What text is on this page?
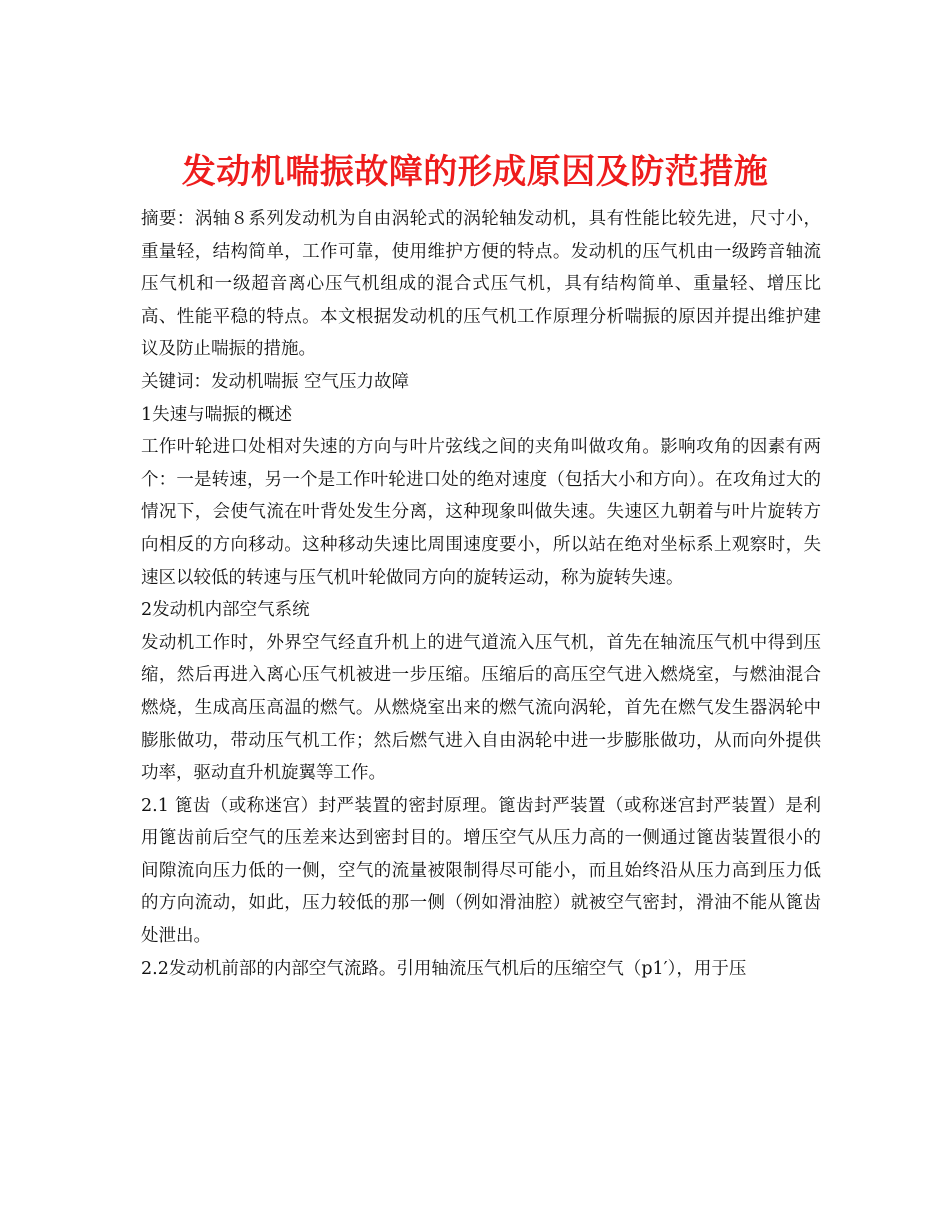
发动机喘振故障的形成原因及防范措施

摘要：涡轴８系列发动机为自由涡轮式的涡轮轴发动机，具有性能比较先进，尺寸小，重量轻，结构简单，工作可靠，使用维护方便的特点。发动机的压气机由一级跨音轴流压气机和一级超音离心压气机组成的混合式压气机，具有结构简单、重量轻、增压比高、性能平稳的特点。本文根据发动机的压气机工作原理分析喘振的原因并提出维护建议及防止喘振的措施。

关键词：发动机喘振 空气压力故障

1失速与喘振的概述

工作叶轮进口处相对失速的方向与叶片弦线之间的夹角叫做攻角。影响攻角的因素有两个：一是转速，另一个是工作叶轮进口处的绝对速度（包括大小和方向）。在攻角过大的情况下，会使气流在叶背处发生分离，这种现象叫做失速。失速区九朝着与叶片旋转方向相反的方向移动。这种移动失速比周围速度要小，所以站在绝对坐标系上观察时，失速区以较低的转速与压气机叶轮做同方向的旋转运动，称为旋转失速。

2发动机内部空气系统

发动机工作时，外界空气经直升机上的进气道流入压气机，首先在轴流压气机中得到压缩，然后再进入离心压气机被进一步压缩。压缩后的高压空气进入燃烧室，与燃油混合燃烧，生成高压高温的燃气。从燃烧室出来的燃气流向涡轮，首先在燃气发生器涡轮中膨胀做功，带动压气机工作；然后燃气进入自由涡轮中进一步膨胀做功，从而向外提供功率，驱动直升机旋翼等工作。

2.1 篦齿（或称迷宫）封严装置的密封原理。篦齿封严装置（或称迷宫封严装置）是利用篦齿前后空气的压差来达到密封目的。增压空气从压力高的一侧通过篦齿装置很小的间隙流向压力低的一侧，空气的流量被限制得尽可能小，而且始终沿从压力高到压力低的方向流动，如此，压力较低的那一侧（例如滑油腔）就被空气密封，滑油不能从篦齿处泄出。

2.2发动机前部的内部空气流路。引用轴流压气机后的压缩空气（p1′），用于压
